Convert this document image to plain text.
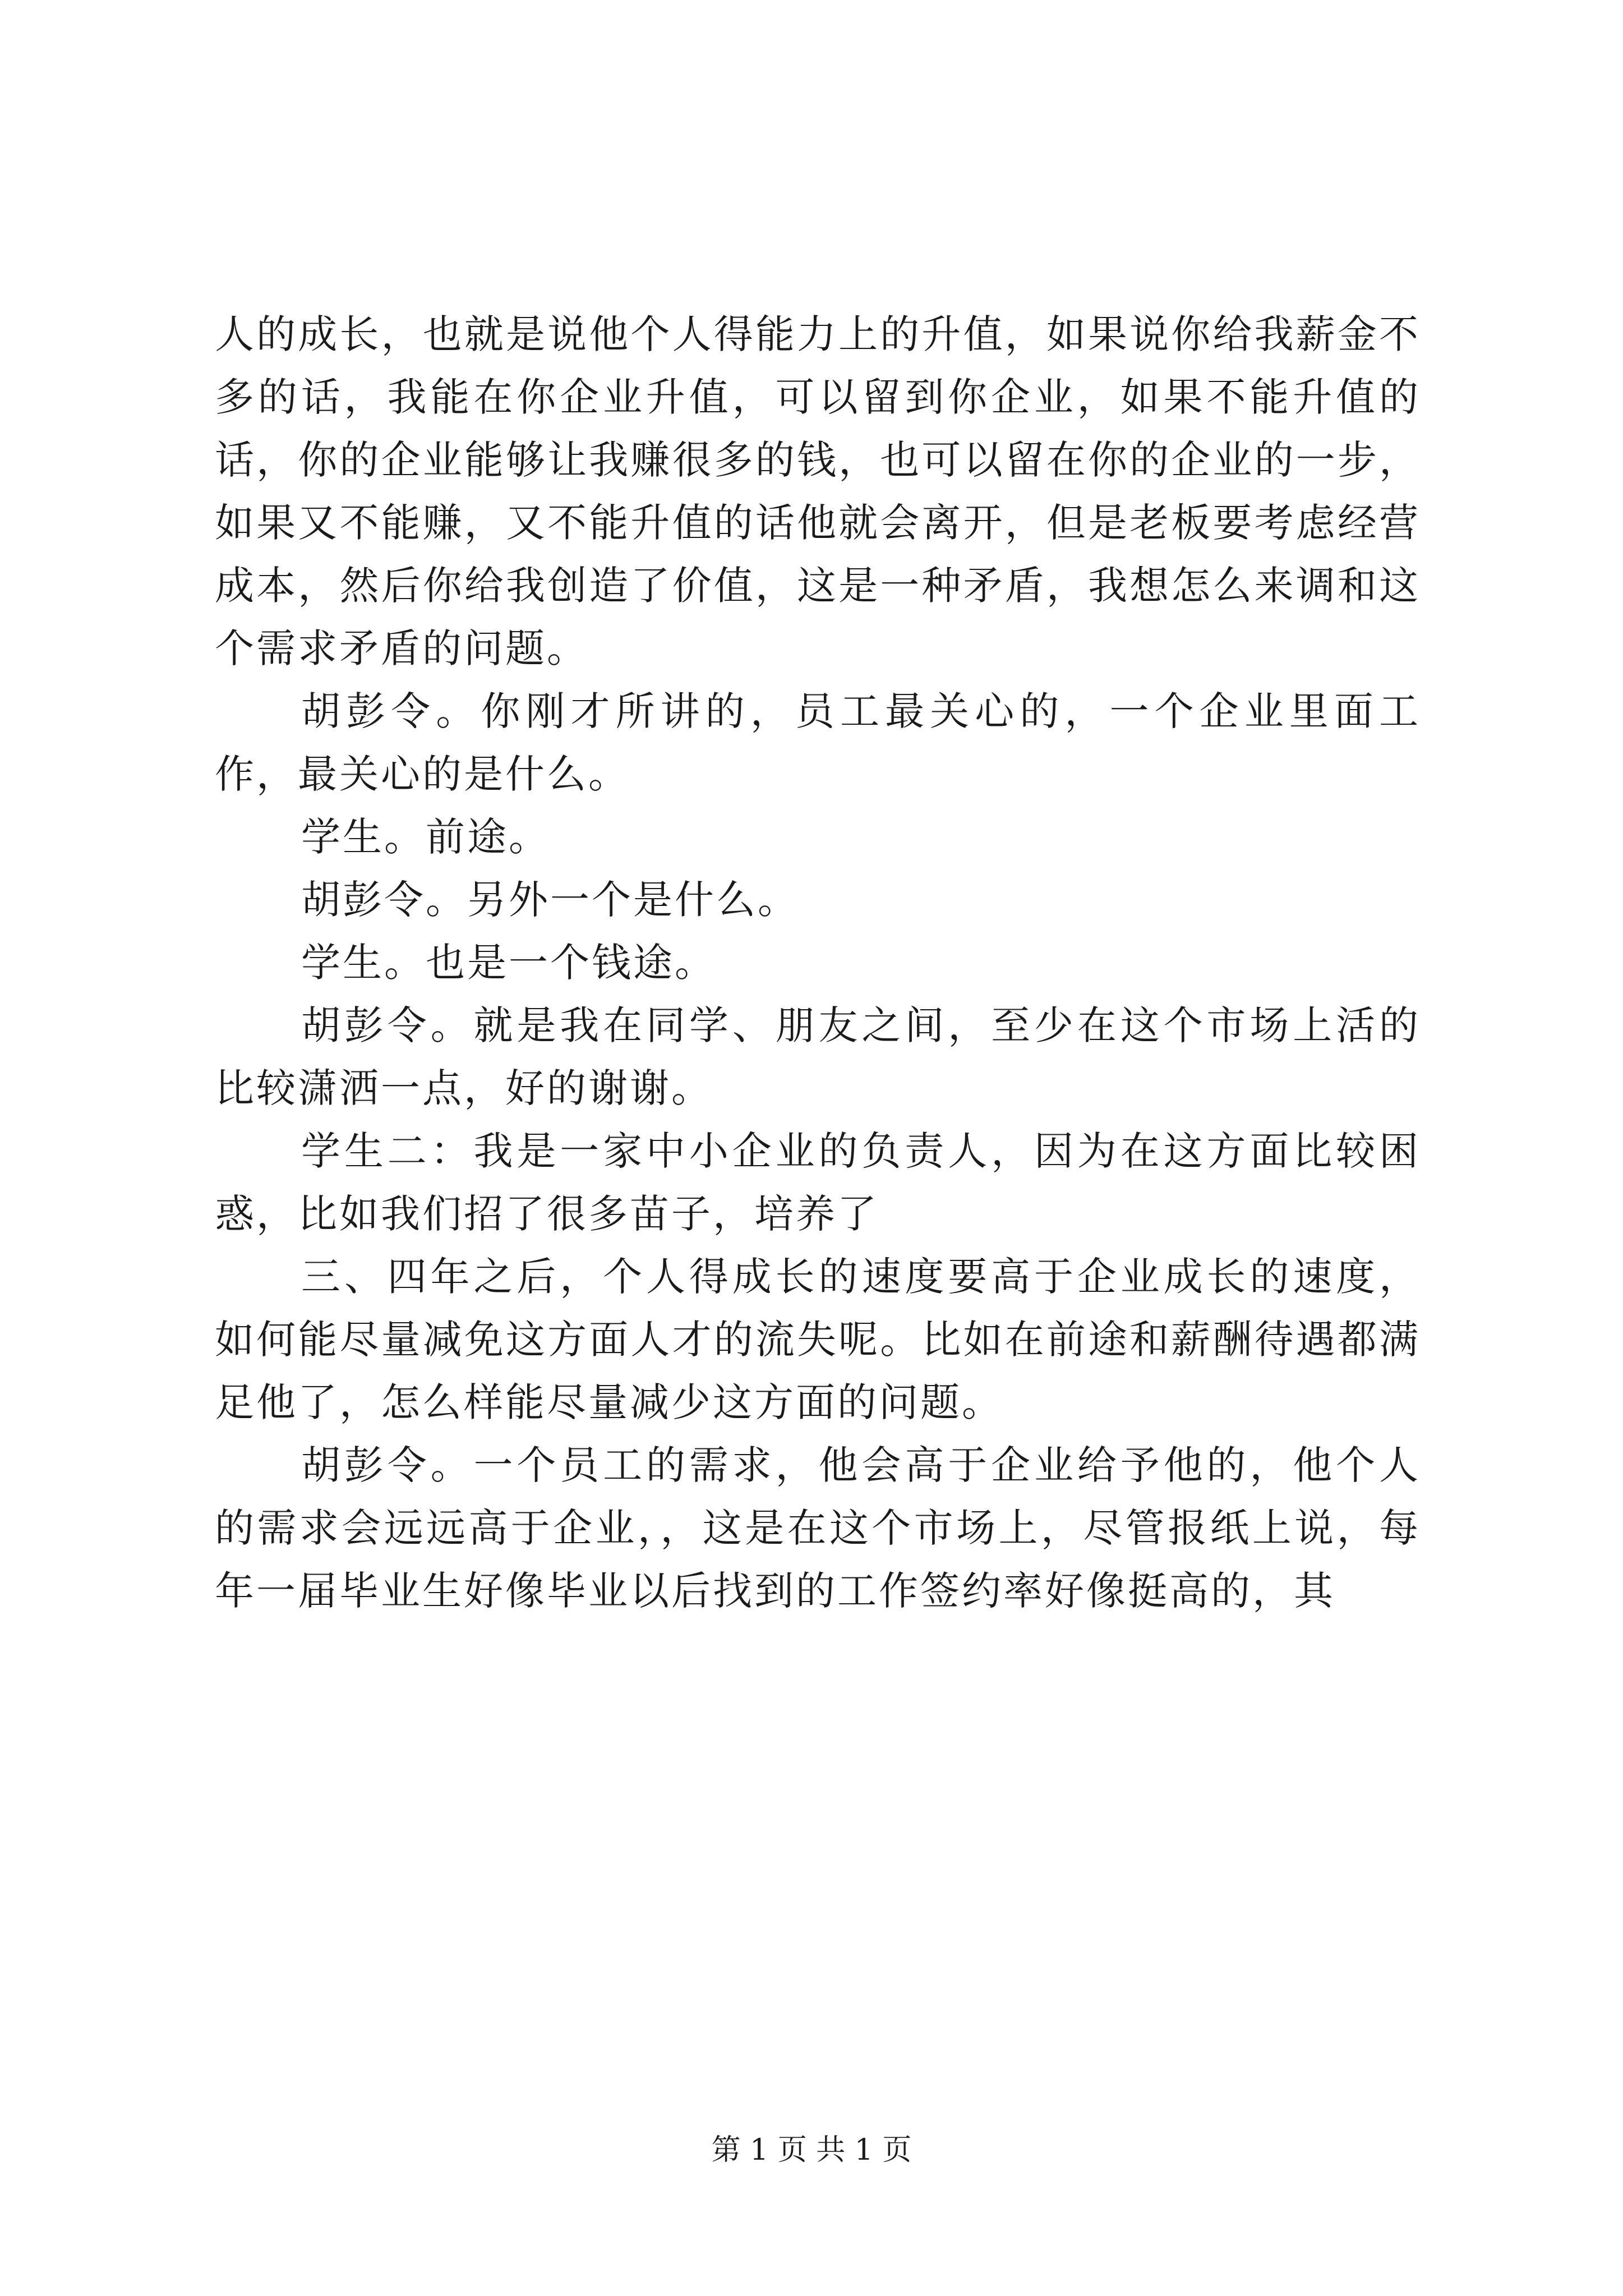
人的成长，也就是说他个人得能力上的升值，如果说你给我薪金不多的话，我能在你企业升值，可以留到你企业，如果不能升值的话，你的企业能够让我赚很多的钱，也可以留在你的企业的一步，如果又不能赚，又不能升值的话他就会离开，但是老板要考虑经营成本，然后你给我创造了价值，这是一种矛盾，我想怎么来调和这个需求矛盾的问题。

胡彭令。你刚才所讲的，员工最关心的，一个企业里面工作，最关心的是什么。

学生。前途。

胡彭令。另外一个是什么。

学生。也是一个钱途。

胡彭令。就是我在同学、朋友之间，至少在这个市场上活的比较潇洒一点，好的谢谢。

学生二：我是一家中小企业的负责人，因为在这方面比较困惑，比如我们招了很多苗子，培养了

三、四年之后，个人得成长的速度要高于企业成长的速度，如何能尽量减免这方面人才的流失呢。比如在前途和薪酬待遇都满足他了，怎么样能尽量减少这方面的问题。

胡彭令。一个员工的需求，他会高于企业给予他的，他个人的需求会远远高于企业，，这是在这个市场上，尽管报纸上说，每年一届毕业生好像毕业以后找到的工作签约率好像挺高的，其

第 1 页 共 1 页
